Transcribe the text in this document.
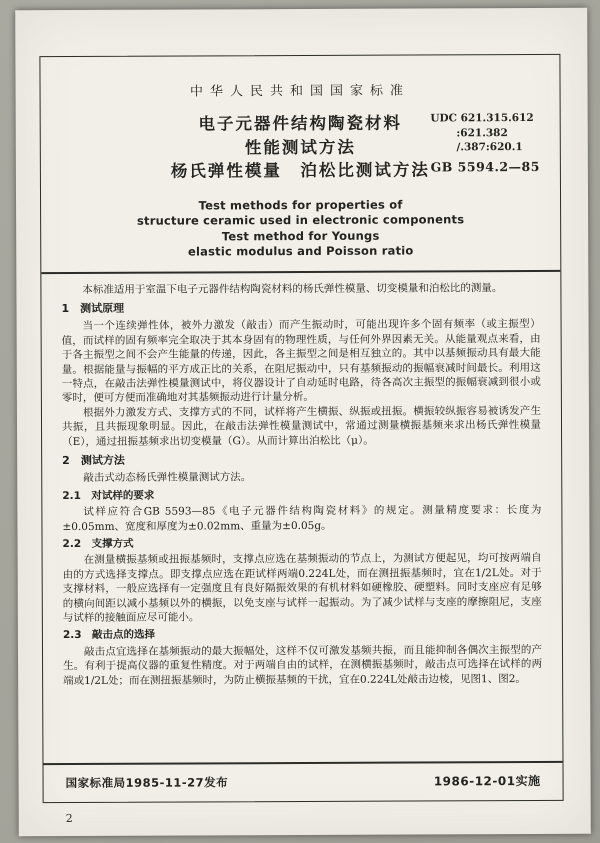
中华人民共和国国家标准
电子元器件结构陶瓷材料
性能测试方法
杨氏弹性模量　泊松比测试方法
UDC 621.315.612
:621.382
/.387:620.1
GB 5594.2—85
Test methods for properties of
structure ceramic used in electronic components
Test method for Youngs
elastic modulus and Poisson ratio

本标准适用于室温下电子元器件结构陶瓷材料的杨氏弹性模量、切变模量和泊松比的测量。

1　测试原理

当一个连续弹性体，被外力激发（敲击）而产生振动时，可能出现许多个固有频率（或主振型）值，而试样的固有频率完全取决于其本身固有的物理性质，与任何外界因素无关。从能量观点来看，由于各主振型之间不会产生能量的传递，因此，各主振型之间是相互独立的。其中以基频振动具有最大能量。根据能量与振幅的平方成正比的关系，在阻尼振动中，只有基频振动的振幅衰减时间最长。利用这一特点，在敲击法弹性模量测试中，将仪器设计了自动延时电路，待各高次主振型的振幅衰减到很小或零时，便可方便而准确地对其基频振动进行计量分析。

根据外力激发方式、支撑方式的不同，试样将产生横振、纵振或扭振。横振较纵振容易被诱发产生共振，且共振现象明显。因此，在敲击法弹性模量测试中，常通过测量横振基频来求出杨氏弹性模量（E），通过扭振基频求出切变模量（G）。从而计算出泊松比（μ）。

2　测试方法

敲击式动态杨氏弹性模量测试方法。

2.1　对试样的要求

试样应符合GB 5593—85《电子元器件结构陶瓷材料》的规定。测量精度要求：长度为±0.05mm、宽度和厚度为±0.02mm、重量为±0.05g。

2.2　支撑方式

在测量横振基频或扭振基频时，支撑点应选在基频振动的节点上，为测试方便起见，均可按两端自由的方式选择支撑点。即支撑点应选在距试样两端0.224L处，而在测扭振基频时，宜在1/2L处。对于支撑材料，一般应选择有一定强度且有良好隔振效果的有机材料如硬橡胶、硬塑料。同时支座应有足够的横向间距以减小基频以外的横振，以免支座与试样一起振动。为了减少试样与支座的摩擦阻尼，支座与试样的接触面应尽可能小。

2.3　敲击点的选择

敲击点宜选择在基频振动的最大振幅处，这样不仅可激发基频共振，而且能抑制各偶次主振型的产生。有利于提高仪器的重复性精度。对于两端自由的试样，在测横振基频时，敲击点可选择在试样的两端或1/2L处；而在测扭振基频时，为防止横振基频的干扰，宜在0.224L处敲击边棱，见图1、图2。

国家标准局1985-11-27发布	1986-12-01实施
2
